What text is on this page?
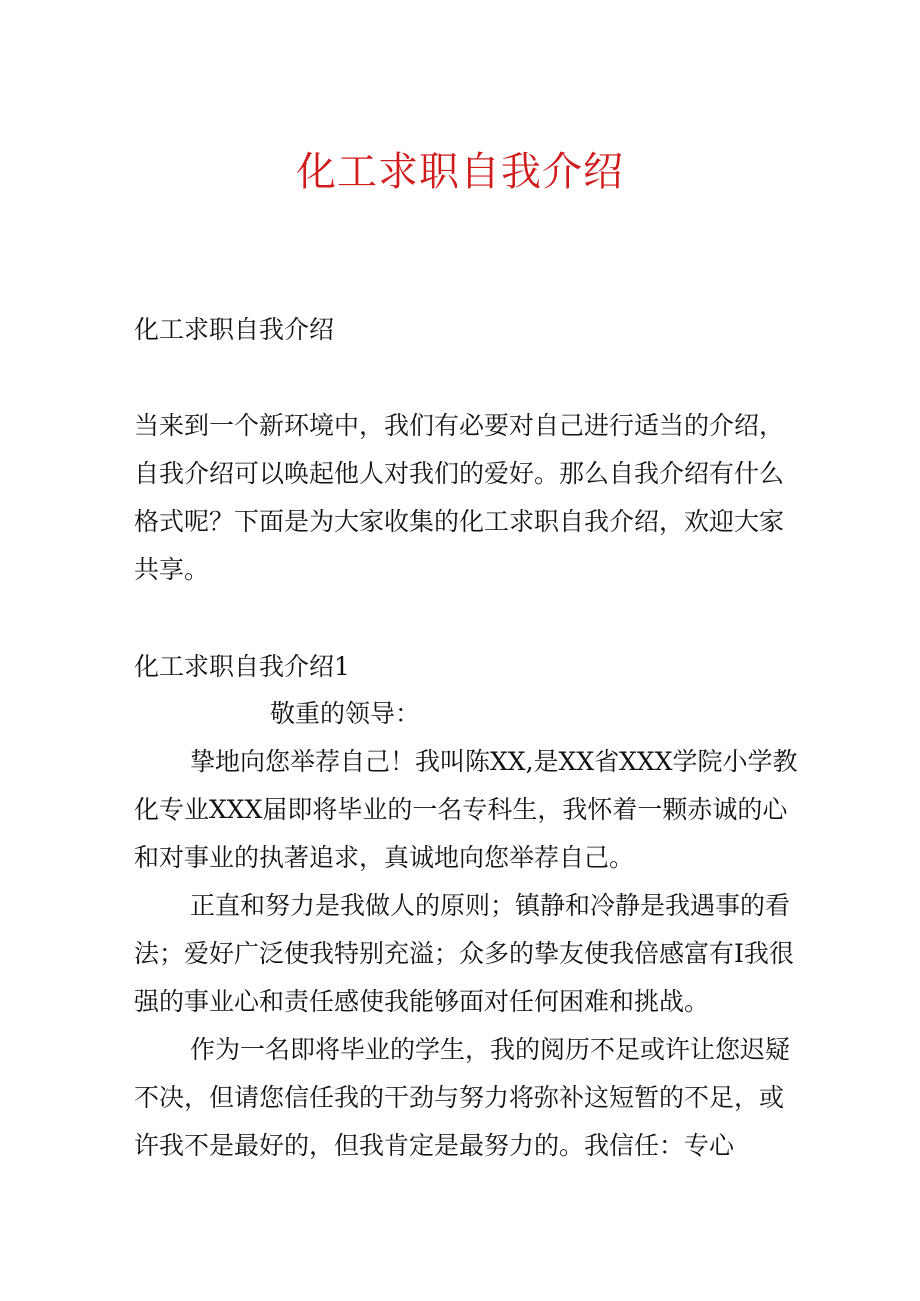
化工求职自我介绍
化工求职自我介绍
当来到一个新环境中，我们有必要对自己进行适当的介绍，自我介绍可以唤起他人对我们的爱好。那么自我介绍有什么格式呢？下面是为大家收集的化工求职自我介绍，欢迎大家共享。
化工求职自我介绍1
敬重的领导：

挚地向您举荐自己！我叫陈XX,是XX省XXX学院小学教化专业XXX届即将毕业的一名专科生，我怀着一颗赤诚的心和对事业的执著追求，真诚地向您举荐自己。

正直和努力是我做人的原则；镇静和冷静是我遇事的看法；爱好广泛使我特别充溢；众多的挚友使我倍感富有I我很强的事业心和责任感使我能够面对任何困难和挑战。

作为一名即将毕业的学生，我的阅历不足或许让您迟疑不决，但请您信任我的干劲与努力将弥补这短暂的不足，或许我不是最好的，但我肯定是最努力的。我信任：专心
